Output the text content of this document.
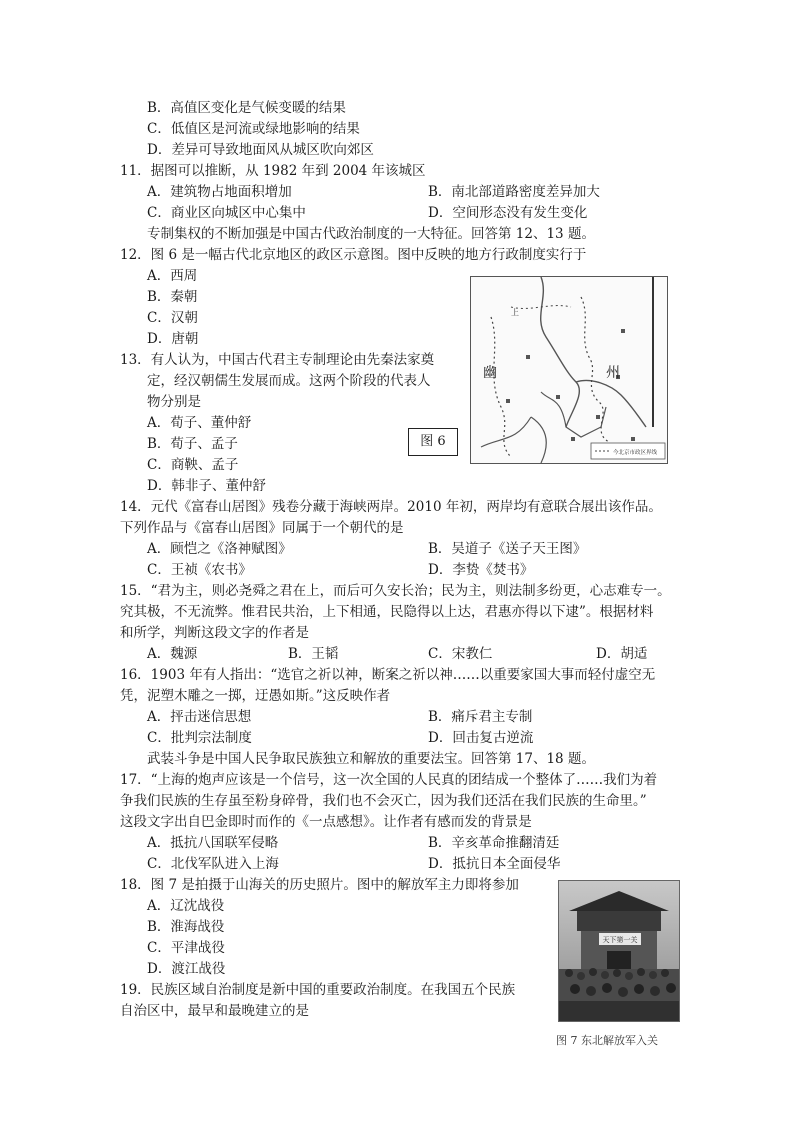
B．高值区变化是气候变暖的结果
C．低值区是河流或绿地影响的结果
D．差异可导致地面风从城区吹向郊区
11．据图可以推断，从 1982 年到 2004 年该城区
A．建筑物占地面积增加	B．南北部道路密度差异加大
C．商业区向城区中心集中	D．空间形态没有发生变化
专制集权的不断加强是中国古代政治制度的一大特征。回答第 12、13 题。
12．图 6 是一幅古代北京地区的政区示意图。图中反映的地方行政制度实行于
A．西周
B．秦朝
C．汉朝
D．唐朝
13．有人认为，中国古代君主专制理论由先秦法家奠
定，经汉朝儒生发展而成。这两个阶段的代表人
物分别是
A．荀子、董仲舒
B．荀子、孟子
C．商鞅、孟子
D．韩非子、董仲舒
图 6
上
幽	州
今北京市政区界线
14．元代《富春山居图》残卷分藏于海峡两岸。2010 年初，两岸均有意联合展出该作品。
下列作品与《富春山居图》同属于一个朝代的是
A．顾恺之《洛神赋图》	B．吴道子《送子天王图》
C．王祯《农书》	D．李贽《焚书》
15．“君为主，则必尧舜之君在上，而后可久安长治；民为主，则法制多纷更，心志难专一。
究其极，不无流弊。惟君民共治，上下相通，民隐得以上达，君惠亦得以下逮”。根据材料
和所学，判断这段文字的作者是
A．魏源	B．王韬	C．宋教仁	D．胡适
16．1903 年有人指出：“选官之祈以神，断案之祈以神……以重要家国大事而轻付虚空无
凭，泥塑木雕之一掷，迂愚如斯。”这反映作者
A．抨击迷信思想	B．痛斥君主专制
C．批判宗法制度	D．回击复古逆流
武装斗争是中国人民争取民族独立和解放的重要法宝。回答第 17、18 题。
17．“上海的炮声应该是一个信号，这一次全国的人民真的团结成一个整体了……我们为着
争我们民族的生存虽至粉身碎骨，我们也不会灭亡，因为我们还活在我们民族的生命里。”
这段文字出自巴金即时而作的《一点感想》。让作者有感而发的背景是
A．抵抗八国联军侵略	B．辛亥革命推翻清廷
C．北伐军队进入上海	D．抵抗日本全面侵华
18．图 7 是拍摄于山海关的历史照片。图中的解放军主力即将参加
A．辽沈战役
B．淮海战役
C．平津战役
D．渡江战役
19．民族区域自治制度是新中国的重要政治制度。在我国五个民族
自治区中，最早和最晚建立的是
天下第一关
图 7 东北解放军入关
